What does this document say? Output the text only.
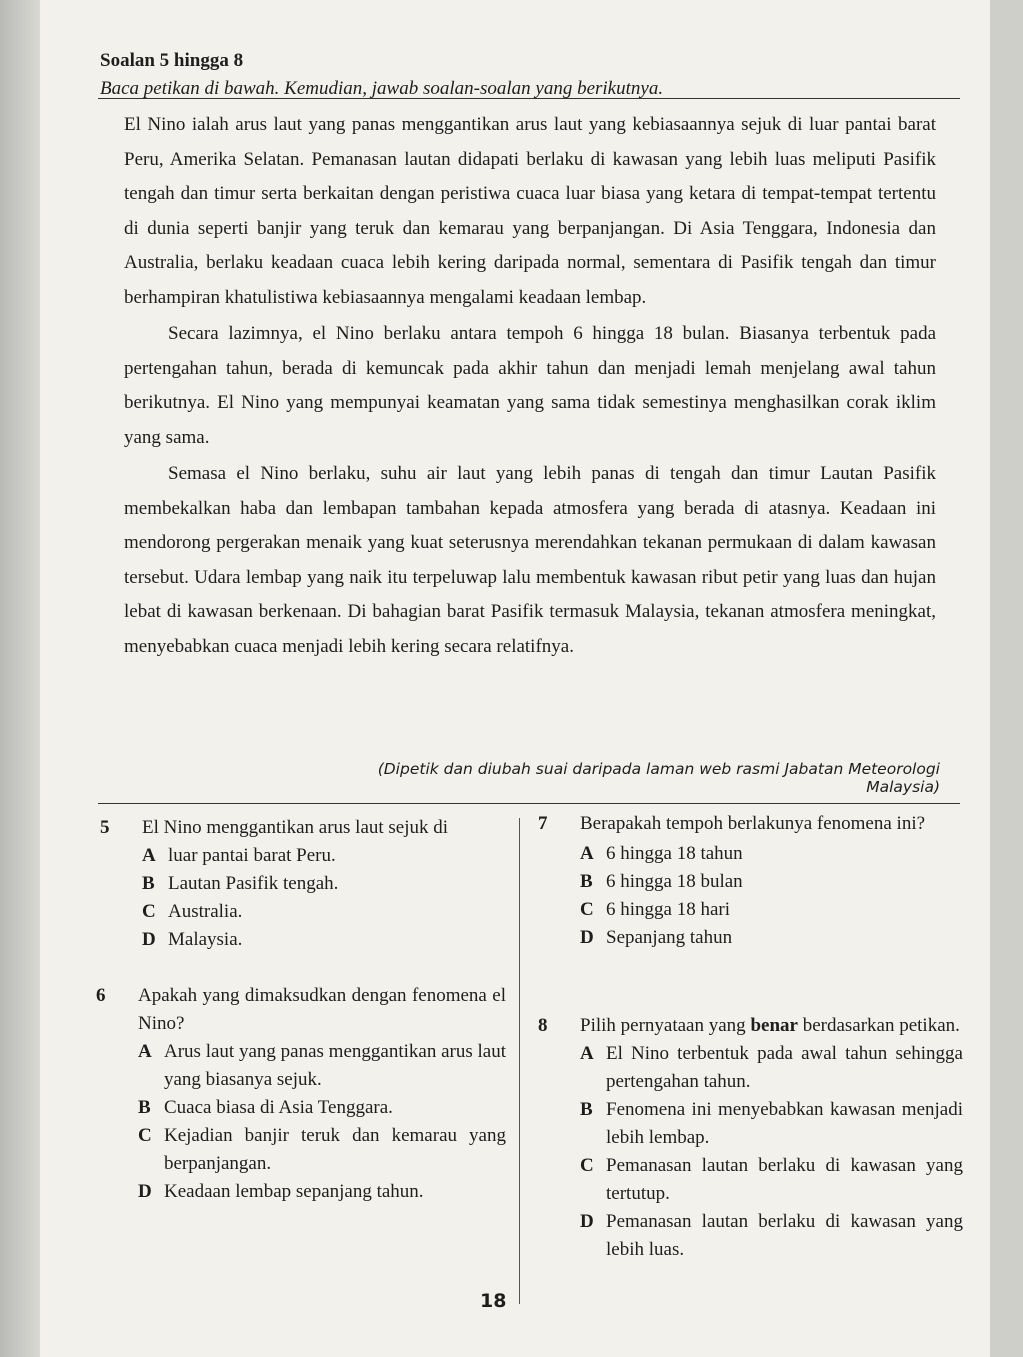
Soalan 5 hingga 8
Baca petikan di bawah. Kemudian, jawab soalan-soalan yang berikutnya.

El Nino ialah arus laut yang panas menggantikan arus laut yang kebiasaannya sejuk di luar pantai barat Peru, Amerika Selatan. Pemanasan lautan didapati berlaku di kawasan yang lebih luas meliputi Pasifik tengah dan timur serta berkaitan dengan peristiwa cuaca luar biasa yang ketara di tempat-tempat tertentu di dunia seperti banjir yang teruk dan kemarau yang berpanjangan. Di Asia Tenggara, Indonesia dan Australia, berlaku keadaan cuaca lebih kering daripada normal, sementara di Pasifik tengah dan timur berhampiran khatulistiwa kebiasaannya mengalami keadaan lembap.

Secara lazimnya, el Nino berlaku antara tempoh 6 hingga 18 bulan. Biasanya terbentuk pada pertengahan tahun, berada di kemuncak pada akhir tahun dan menjadi lemah menjelang awal tahun berikutnya. El Nino yang mempunyai keamatan yang sama tidak semestinya menghasilkan corak iklim yang sama.

Semasa el Nino berlaku, suhu air laut yang lebih panas di tengah dan timur Lautan Pasifik membekalkan haba dan lembapan tambahan kepada atmosfera yang berada di atasnya. Keadaan ini mendorong pergerakan menaik yang kuat seterusnya merendahkan tekanan permukaan di dalam kawasan tersebut. Udara lembap yang naik itu terpeluwap lalu membentuk kawasan ribut petir yang luas dan hujan lebat di kawasan berkenaan. Di bahagian barat Pasifik termasuk Malaysia, tekanan atmosfera meningkat, menyebabkan cuaca menjadi lebih kering secara relatifnya.

(Dipetik dan diubah suai daripada laman web rasmi Jabatan Meteorologi Malaysia)
5	El Nino menggantikan arus laut sejuk di
A luar pantai barat Peru.
B Lautan Pasifik tengah.
C Australia.
D Malaysia.
6	Apakah yang dimaksudkan dengan fenomena el Nino?
A Arus laut yang panas menggantikan arus laut yang biasanya sejuk.
B Cuaca biasa di Asia Tenggara.
C Kejadian banjir teruk dan kemarau yang berpanjangan.
D Keadaan lembap sepanjang tahun.
7	Berapakah tempoh berlakunya fenomena ini?
A 6 hingga 18 tahun
B 6 hingga 18 bulan
C 6 hingga 18 hari
D Sepanjang tahun
8	Pilih pernyataan yang benar berdasarkan petikan.
A El Nino terbentuk pada awal tahun sehingga pertengahan tahun.
B Fenomena ini menyebabkan kawasan menjadi lebih lembap.
C Pemanasan lautan berlaku di kawasan yang tertutup.
D Pemanasan lautan berlaku di kawasan yang lebih luas.
18
